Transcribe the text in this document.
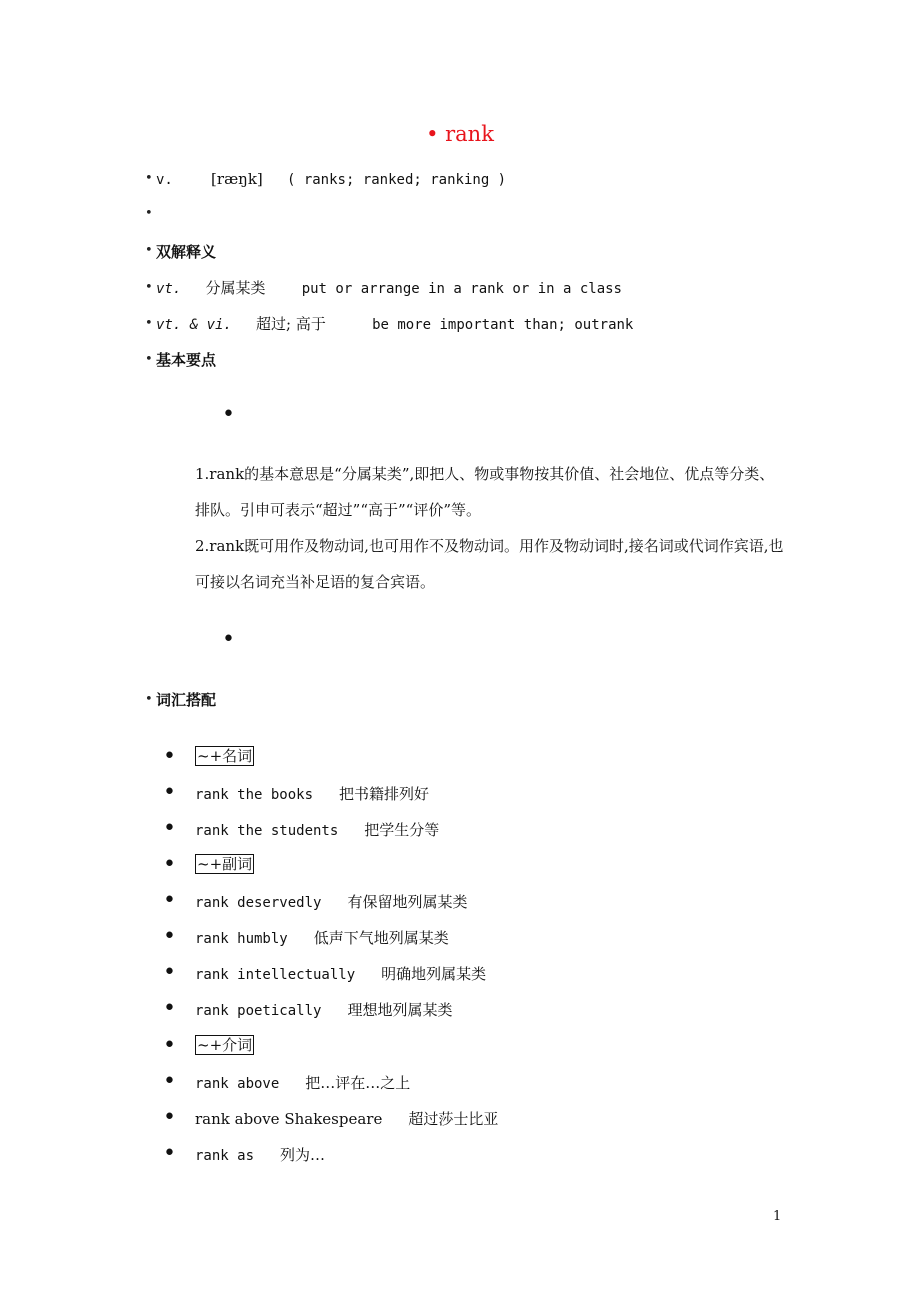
• rank
• v.	[ræŋk] ( ranks; ranked; ranking )
•
• 双解释义
• vt. 分属某类	put or arrange in a rank or in a class
• vt. & vi. 超过; 高于	be more important than; outrank
• 基本要点
•
1.rank的基本意思是“分属某类”,即把人、物或事物按其价值、社会地位、优点等分类、排队。引申可表示“超过”“高于”“评价”等。
2.rank既可用作及物动词,也可用作不及物动词。用作及物动词时,接名词或代词作宾语,也可接以名词充当补足语的复合宾语。
•
• 词汇搭配
• ~+名词
• rank the books 把书籍排列好
• rank the students 把学生分等
• ~+副词
• rank deservedly 有保留地列属某类
• rank humbly 低声下气地列属某类
• rank intellectually 明确地列属某类
• rank poetically 理想地列属某类
• ~+介词
• rank above 把…评在…之上
• rank above Shakespeare 超过莎士比亚
• rank as 列为…
1
